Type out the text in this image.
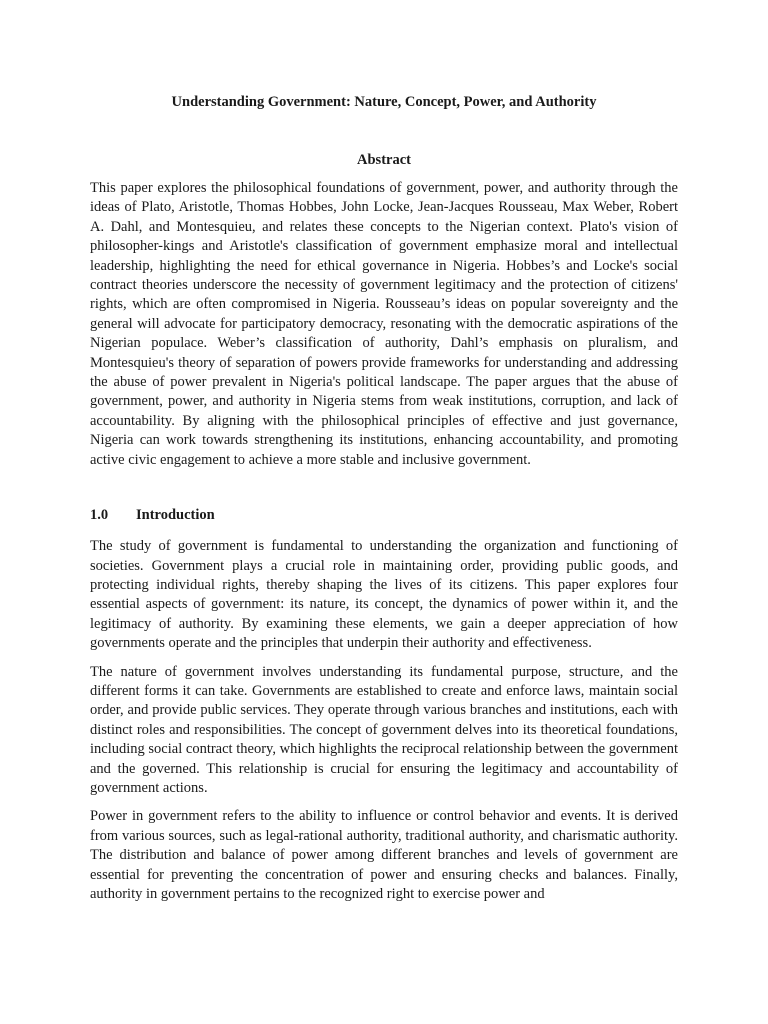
Understanding Government: Nature, Concept, Power, and Authority
Abstract

This paper explores the philosophical foundations of government, power, and authority through the ideas of Plato, Aristotle, Thomas Hobbes, John Locke, Jean-Jacques Rousseau, Max Weber, Robert A. Dahl, and Montesquieu, and relates these concepts to the Nigerian context. Plato's vision of philosopher-kings and Aristotle's classification of government emphasize moral and intellectual leadership, highlighting the need for ethical governance in Nigeria. Hobbes’s and Locke's social contract theories underscore the necessity of government legitimacy and the protection of citizens' rights, which are often compromised in Nigeria. Rousseau’s ideas on popular sovereignty and the general will advocate for participatory democracy, resonating with the democratic aspirations of the Nigerian populace. Weber’s classification of authority, Dahl’s emphasis on pluralism, and Montesquieu's theory of separation of powers provide frameworks for understanding and addressing the abuse of power prevalent in Nigeria's political landscape. The paper argues that the abuse of government, power, and authority in Nigeria stems from weak institutions, corruption, and lack of accountability. By aligning with the philosophical principles of effective and just governance, Nigeria can work towards strengthening its institutions, enhancing accountability, and promoting active civic engagement to achieve a more stable and inclusive government.

1.0	Introduction

The study of government is fundamental to understanding the organization and functioning of societies. Government plays a crucial role in maintaining order, providing public goods, and protecting individual rights, thereby shaping the lives of its citizens. This paper explores four essential aspects of government: its nature, its concept, the dynamics of power within it, and the legitimacy of authority. By examining these elements, we gain a deeper appreciation of how governments operate and the principles that underpin their authority and effectiveness.

The nature of government involves understanding its fundamental purpose, structure, and the different forms it can take. Governments are established to create and enforce laws, maintain social order, and provide public services. They operate through various branches and institutions, each with distinct roles and responsibilities. The concept of government delves into its theoretical foundations, including social contract theory, which highlights the reciprocal relationship between the government and the governed. This relationship is crucial for ensuring the legitimacy and accountability of government actions.

Power in government refers to the ability to influence or control behavior and events. It is derived from various sources, such as legal-rational authority, traditional authority, and charismatic authority. The distribution and balance of power among different branches and levels of government are essential for preventing the concentration of power and ensuring checks and balances. Finally, authority in government pertains to the recognized right to exercise power and
